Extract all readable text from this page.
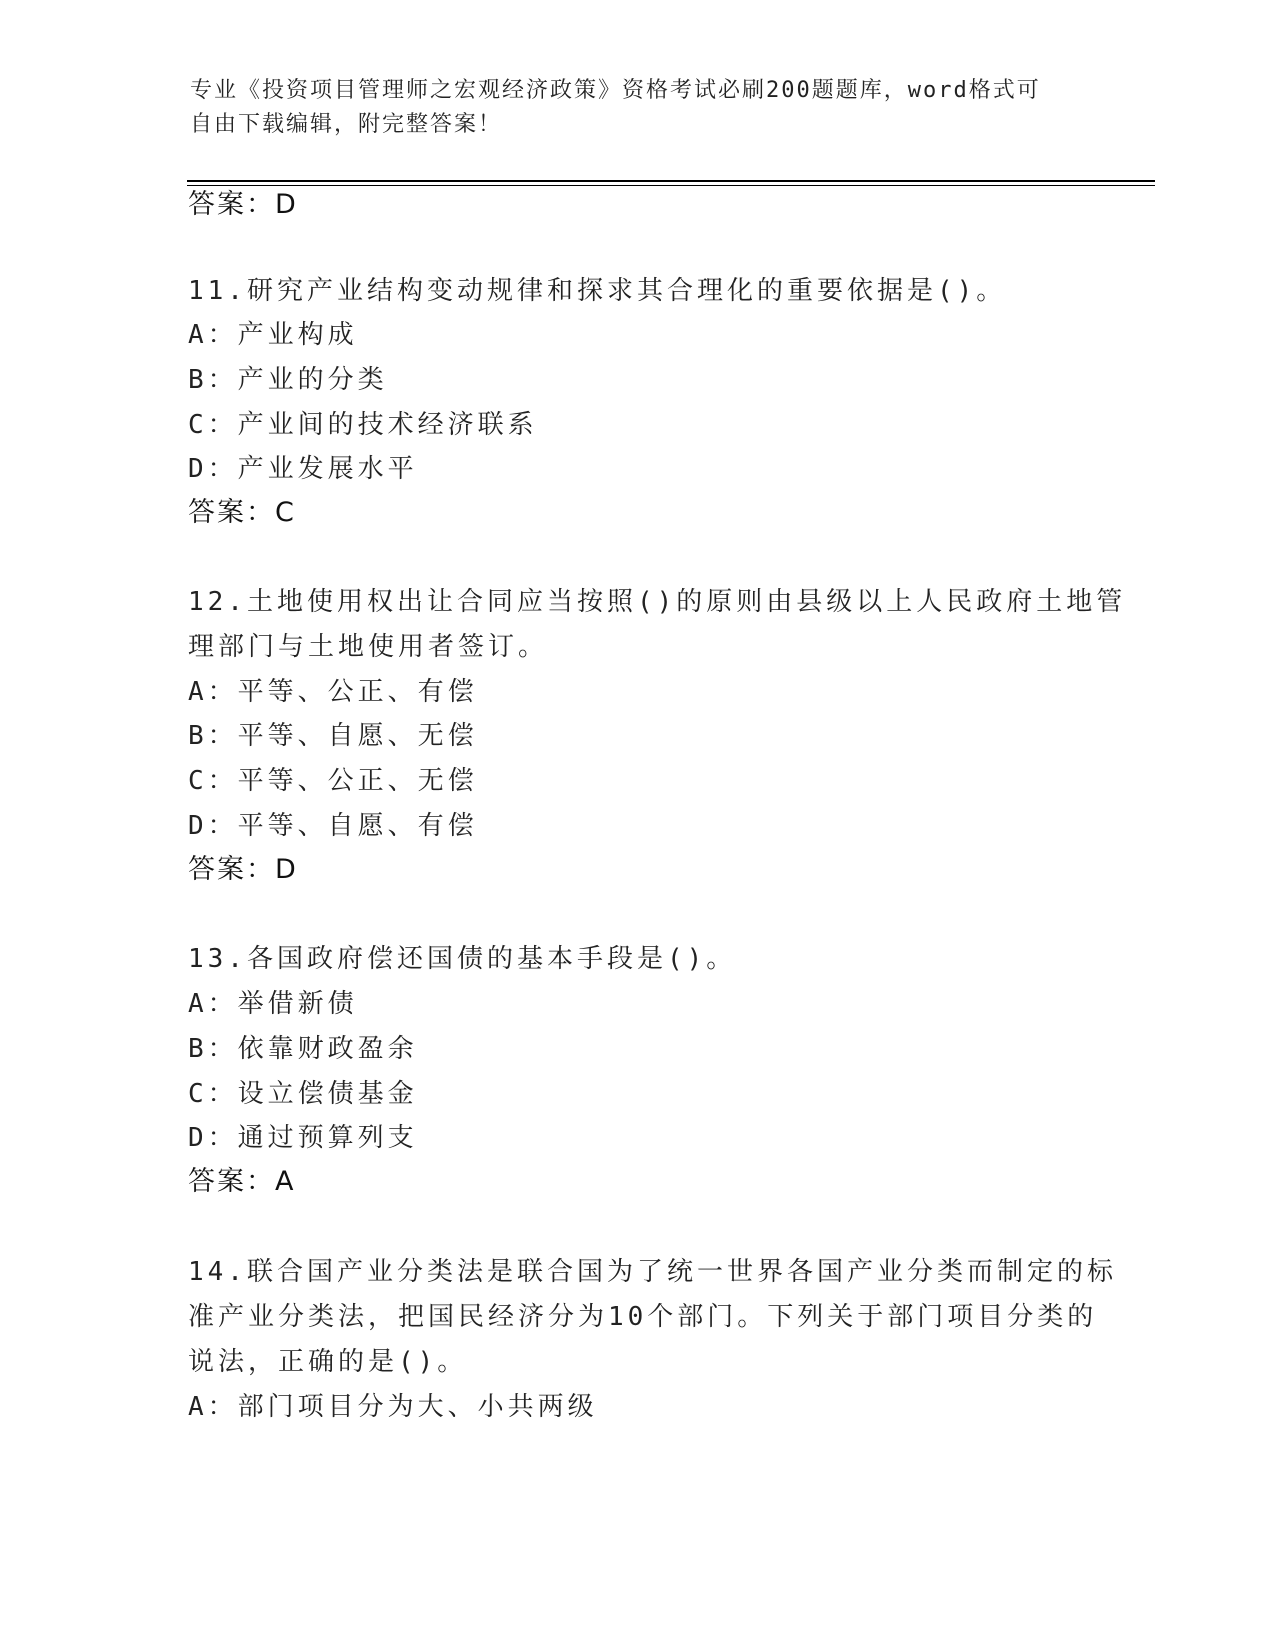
专业《投资项目管理师之宏观经济政策》资格考试必刷200题题库，word格式可
自由下载编辑，附完整答案！
答案：D
11.研究产业结构变动规律和探求其合理化的重要依据是()。
A：产业构成
B：产业的分类
C：产业间的技术经济联系
D：产业发展水平
答案：C
12.土地使用权出让合同应当按照()的原则由县级以上人民政府土地管
理部门与土地使用者签订。
A：平等、公正、有偿
B：平等、自愿、无偿
C：平等、公正、无偿
D：平等、自愿、有偿
答案：D
13.各国政府偿还国债的基本手段是()。
A：举借新债
B：依靠财政盈余
C：设立偿债基金
D：通过预算列支
答案：A
14.联合国产业分类法是联合国为了统一世界各国产业分类而制定的标
准产业分类法，把国民经济分为10个部门。下列关于部门项目分类的
说法，正确的是()。
A：部门项目分为大、小共两级
